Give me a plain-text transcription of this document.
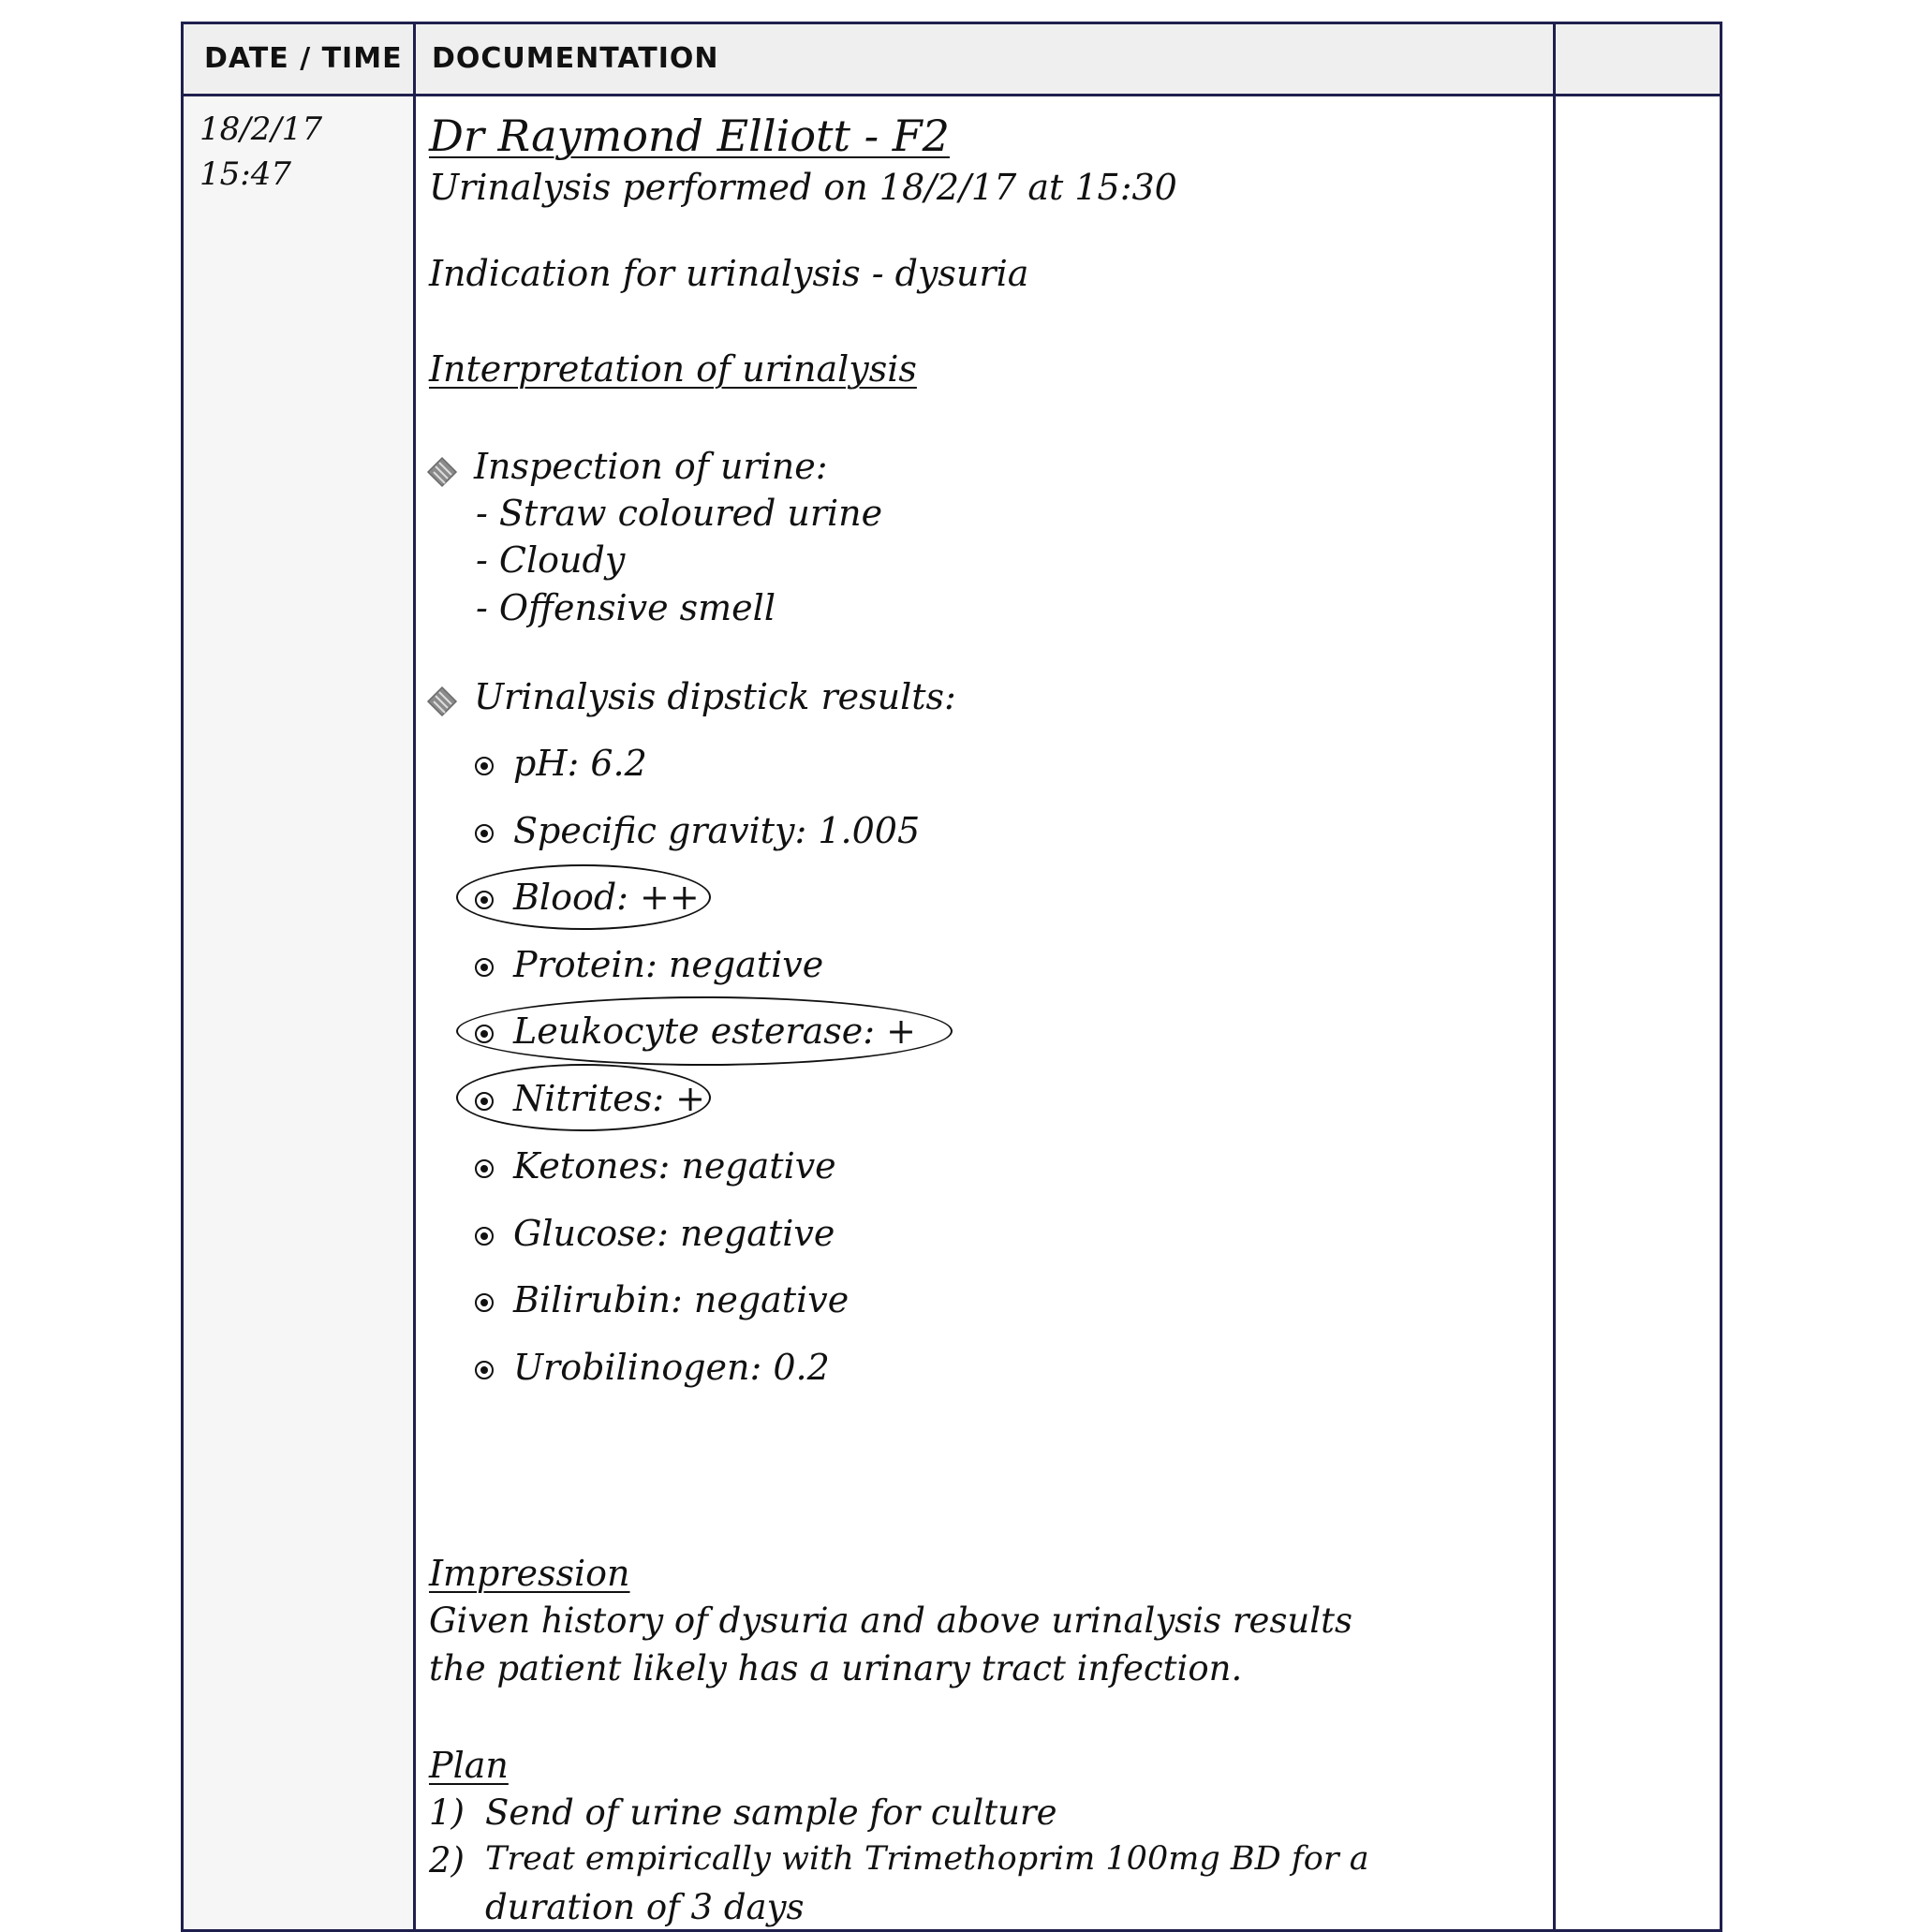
DATE / TIME DOCUMENTATION
18/2/17
15:47
Dr Raymond Elliott - F2
Urinalysis performed on 18/2/17 at 15:30
Indication for urinalysis - dysuria
Interpretation of urinalysis
Inspection of urine:
- Straw coloured urine
- Cloudy
- Offensive smell
Urinalysis dipstick results:
pH: 6.2
Specific gravity: 1.005
Blood: ++
Protein: negative
Leukocyte esterase: +
Nitrites: +
Ketones: negative
Glucose: negative
Bilirubin: negative
Urobilinogen: 0.2
Impression
Given history of dysuria and above urinalysis results
the patient likely has a urinary tract infection.
Plan
1) Send of urine sample for culture
2) Treat empirically with Trimethoprim 100mg BD for a
duration of 3 days
